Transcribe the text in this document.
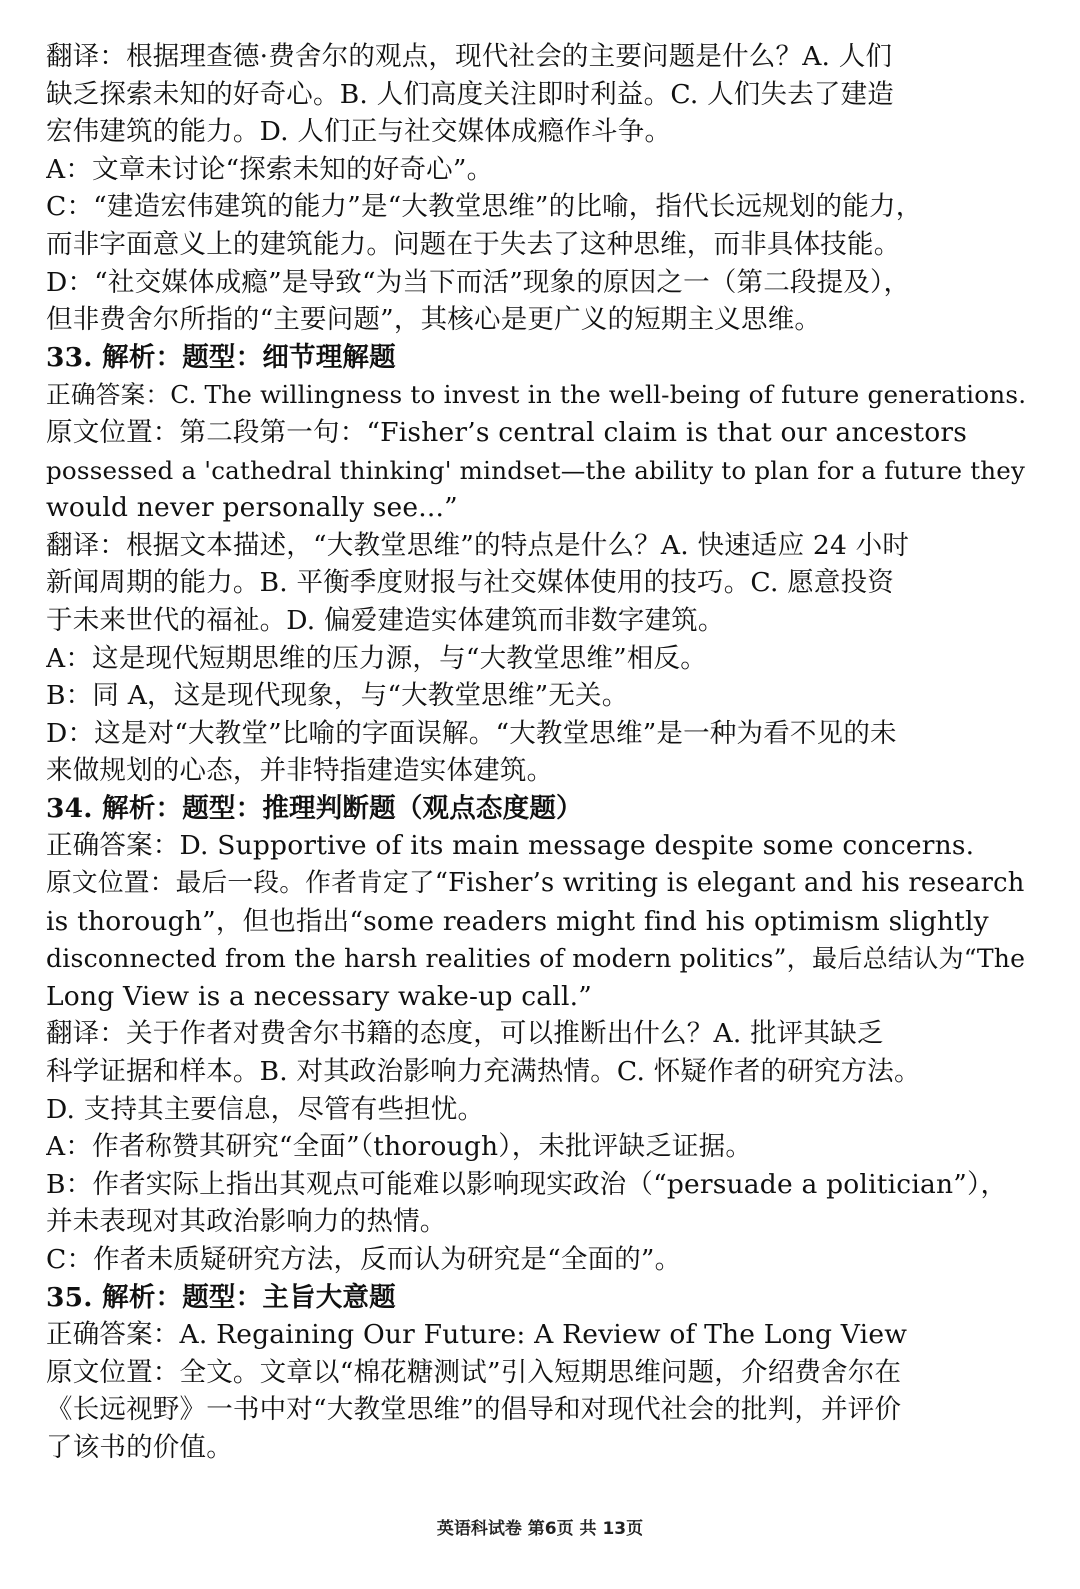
翻译：根据理查德·费舍尔的观点，现代社会的主要问题是什么？A. 人们
缺乏探索未知的好奇心。B. 人们高度关注即时利益。C. 人们失去了建造
宏伟建筑的能力。D. 人们正与社交媒体成瘾作斗争。
A：文章未讨论“探索未知的好奇心”。
C：“建造宏伟建筑的能力”是“大教堂思维”的比喻，指代长远规划的能力，
而非字面意义上的建筑能力。问题在于失去了这种思维，而非具体技能。
D：“社交媒体成瘾”是导致“为当下而活”现象的原因之一（第二段提及），
但非费舍尔所指的“主要问题”，其核心是更广义的短期主义思维。
33. 解析：题型：细节理解题
正确答案：C. The willingness to invest in the well-being of future generations.
原文位置：第二段第一句：“Fisher’s central claim is that our ancestors
possessed a 'cathedral thinking' mindset—the ability to plan for a future they
would never personally see...”
翻译：根据文本描述，“大教堂思维”的特点是什么？A. 快速适应 24 小时
新闻周期的能力。B. 平衡季度财报与社交媒体使用的技巧。C. 愿意投资
于未来世代的福祉。D. 偏爱建造实体建筑而非数字建筑。
A：这是现代短期思维的压力源，与“大教堂思维”相反。
B：同 A，这是现代现象，与“大教堂思维”无关。
D：这是对“大教堂”比喻的字面误解。“大教堂思维”是一种为看不见的未
来做规划的心态，并非特指建造实体建筑。
34. 解析：题型：推理判断题（观点态度题）
正确答案：D. Supportive of its main message despite some concerns.
原文位置：最后一段。作者肯定了“Fisher’s writing is elegant and his research
is thorough”，但也指出“some readers might find his optimism slightly
disconnected from the harsh realities of modern politics”，最后总结认为“The
Long View is a necessary wake-up call.”
翻译：关于作者对费舍尔书籍的态度，可以推断出什么？A. 批评其缺乏
科学证据和样本。B. 对其政治影响力充满热情。C. 怀疑作者的研究方法。
D. 支持其主要信息，尽管有些担忧。
A：作者称赞其研究“全面”（thorough），未批评缺乏证据。
B：作者实际上指出其观点可能难以影响现实政治（“persuade a politician”），
并未表现对其政治影响力的热情。
C：作者未质疑研究方法，反而认为研究是“全面的”。
35. 解析：题型：主旨大意题
正确答案：A. Regaining Our Future: A Review of The Long View
原文位置：全文。文章以“棉花糖测试”引入短期思维问题，介绍费舍尔在
《长远视野》一书中对“大教堂思维”的倡导和对现代社会的批判，并评价
了该书的价值。
英语科试卷 第6页 共 13页
